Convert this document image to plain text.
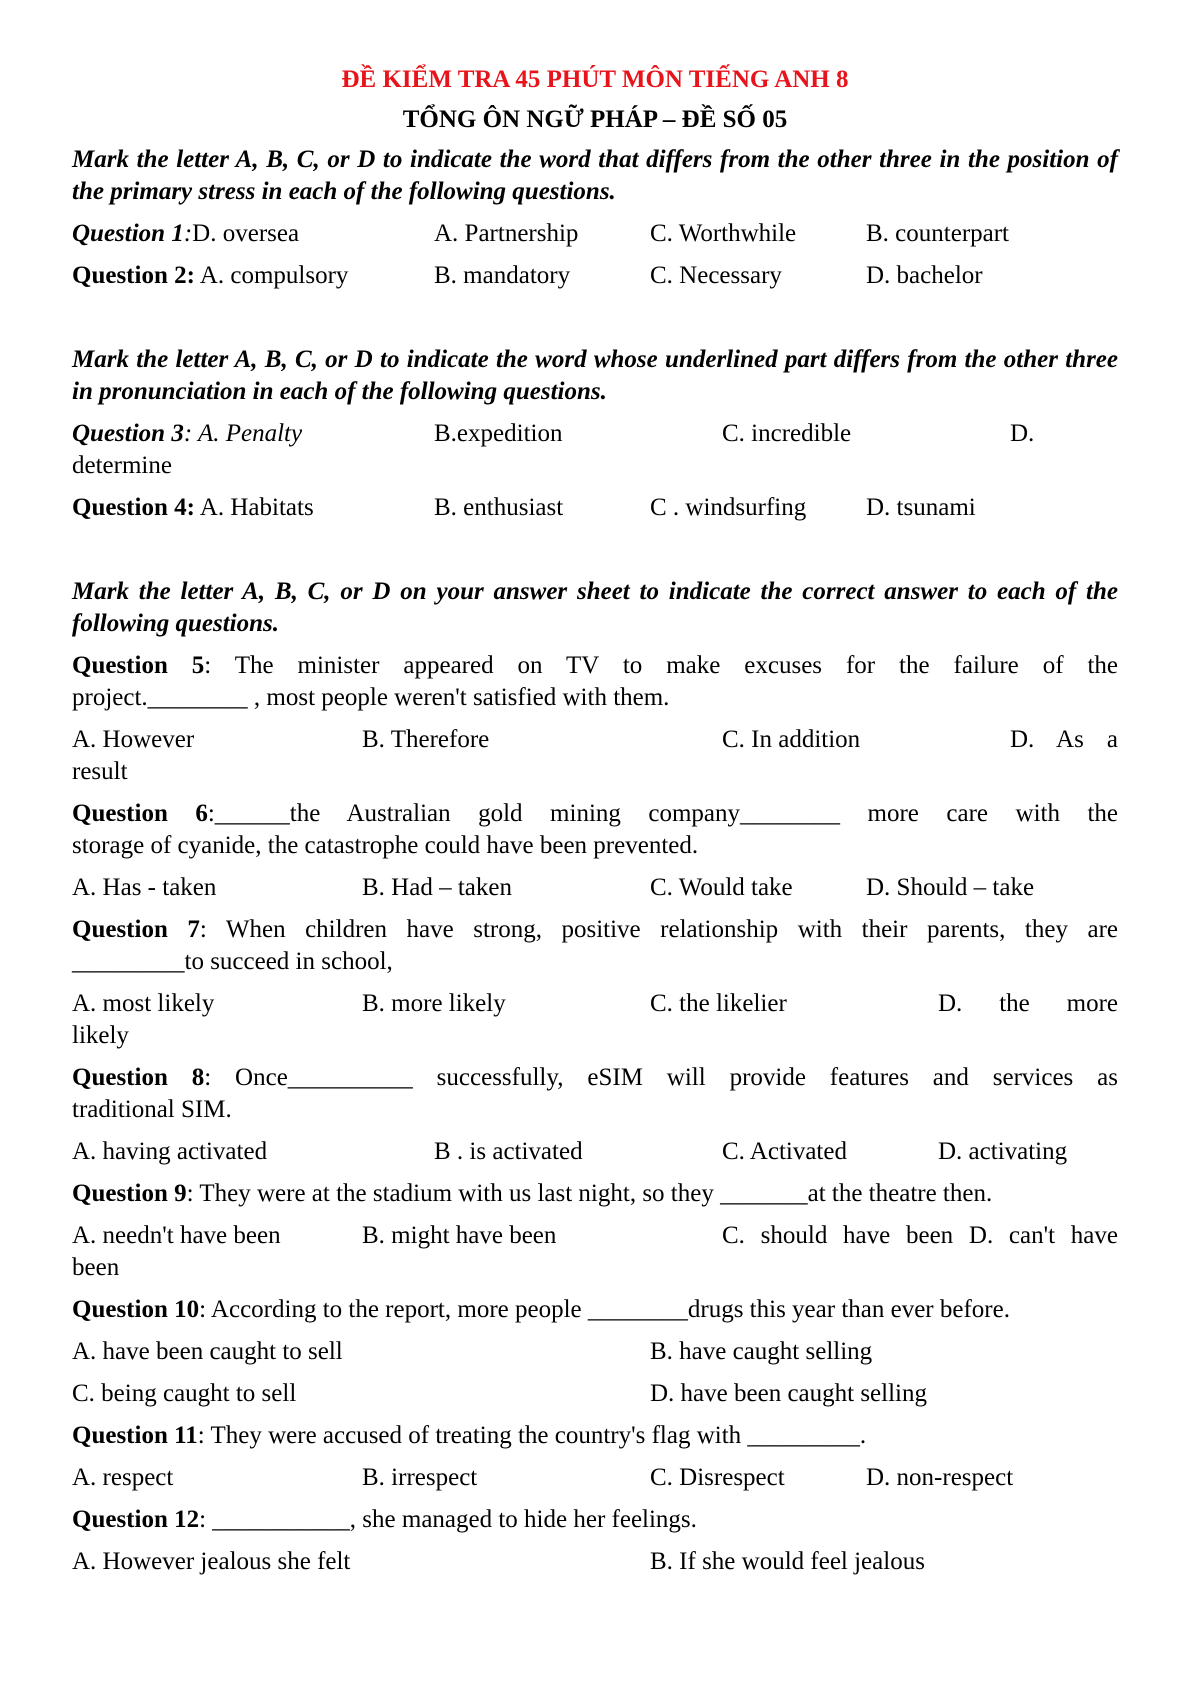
ĐỀ KIỂM TRA 45 PHÚT MÔN TIẾNG ANH 8
TỔNG ÔN NGỮ PHÁP – ĐỀ SỐ 05

Mark the letter A, B, C, or D to indicate the word that differs from the other three in the position of the primary stress in each of the following questions.

Question 1:D. oversea	A. Partnership	C. Worthwhile	B. counterpart
Question 2: A. compulsory	B. mandatory	C. Necessary	D. bachelor

Mark the letter A, B, C, or D to indicate the word whose underlined part differs from the other three in pronunciation in each of the following questions.

Question 3: A. Penalty	B.expedition	C. incredible	D.
determine
Question 4: A. Habitats	B. enthusiast	C . windsurfing D. tsunami

Mark the letter A, B, C, or D on your answer sheet to indicate the correct answer to each of the following questions.

Question 5: The minister appeared on TV to make excuses for the failure of the
project.________ , most people weren't satisfied with them.
A. However	B. Therefore	C. In addition	D. As a
result
Question 6:______the Australian gold mining company________ more care with the
storage of cyanide, the catastrophe could have been prevented.
A. Has - taken	B. Had – taken	C. Would take	D. Should – take
Question 7: When children have strong, positive relationship with their parents, they are
_________to succeed in school,
A. most likely	B. more likely	C. the likelier	D. the more
likely
Question 8: Once__________ successfully, eSIM will provide features and services as
traditional SIM.
A. having activated	B . is activated	C. Activated	D. activating
Question 9: They were at the stadium with us last night, so they _______at the theatre then.
A. needn't have been	B. might have been	C. should have been D. can't have
been
Question 10: According to the report, more people ________drugs this year than ever before.
A. have been caught to sell	B. have caught selling
C. being caught to sell	D. have been caught selling
Question 11: They were accused of treating the country's flag with _________.
A. respect	B. irrespect	C. Disrespect	D. non-respect
Question 12: ___________, she managed to hide her feelings.
A. However jealous she felt	B. If she would feel jealous
